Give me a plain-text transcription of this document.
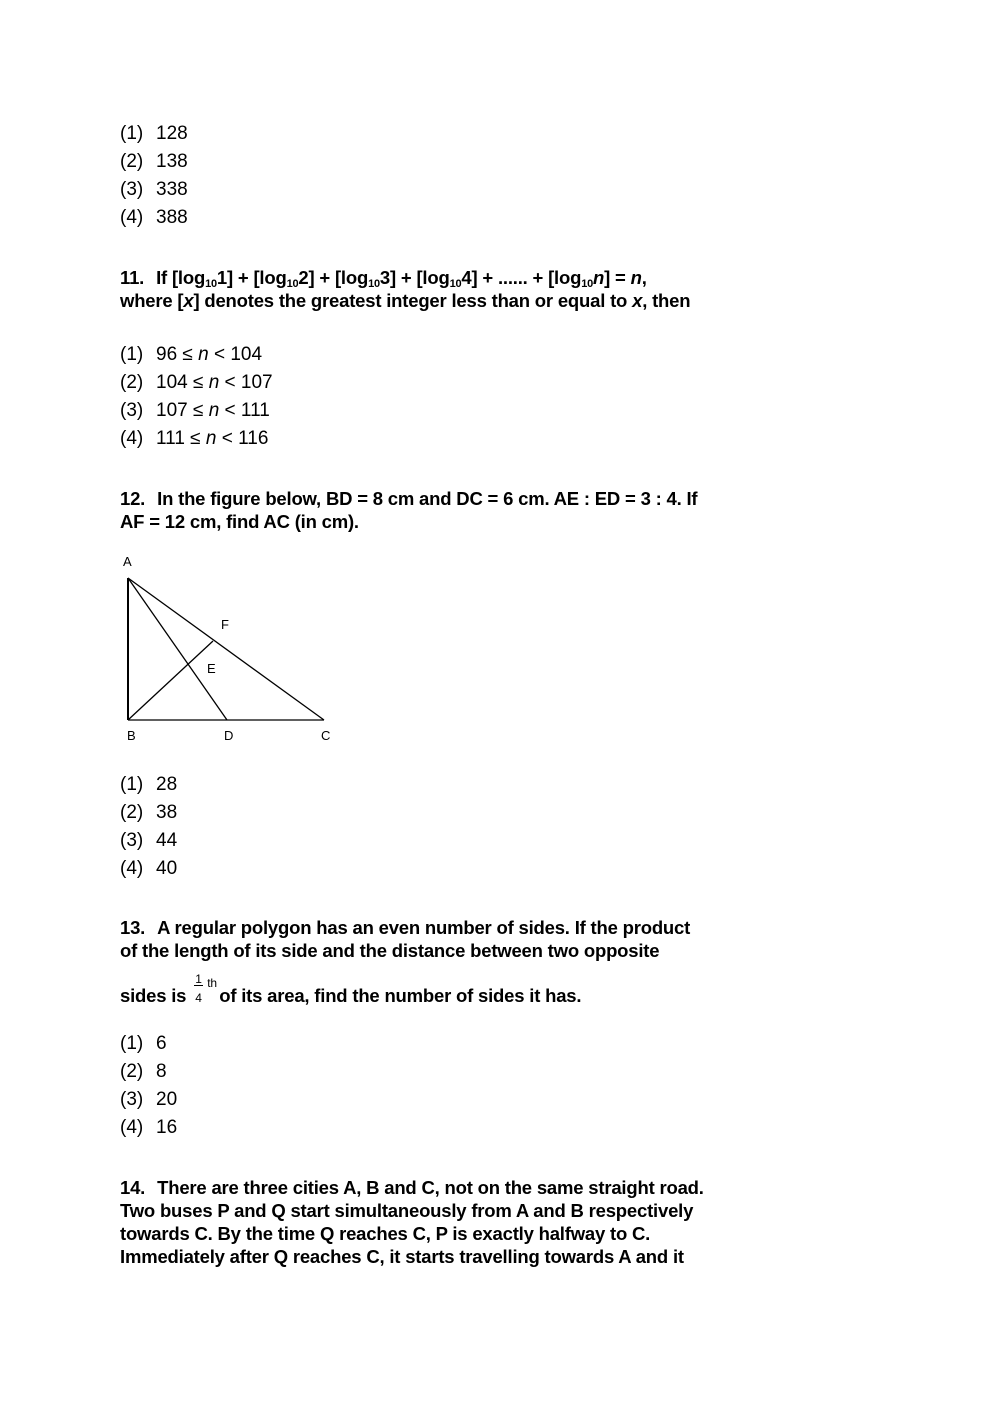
(1) 128
(2) 138
(3) 338
(4) 388
11. If $[\log_{10}1] + [\log_{10}2] + [\log_{10}3] + [\log_{10}4]$ + ...... + $[\log_{10}n] = n$,
where [x] denotes the greatest integer less than or equal to x, then
(1) 96 ≤ n < 104
(2) 104 ≤ n < 107
(3) 107 ≤ n < 111
(4) 111 ≤ n < 116
12. In the figure below, BD = 8 cm and DC = 6 cm. AE : ED = 3 : 4. If
AF = 12 cm, find AC (in cm).
A
B	D	C
F
E
(1) 28
(2) 38
(3) 44
(4) 40
13. A regular polygon has an even number of sides. If the product
of the length of its side and the distance between two opposite
sides is
1
4
th
of its area, find the number of sides it has.
(1) 6
(2) 8
(3) 20
(4) 16
14. There are three cities A, B and C, not on the same straight road.
Two buses P and Q start simultaneously from A and B respectively
towards C. By the time Q reaches C, P is exactly halfway to C.
Immediately after Q reaches C, it starts travelling towards A and it
